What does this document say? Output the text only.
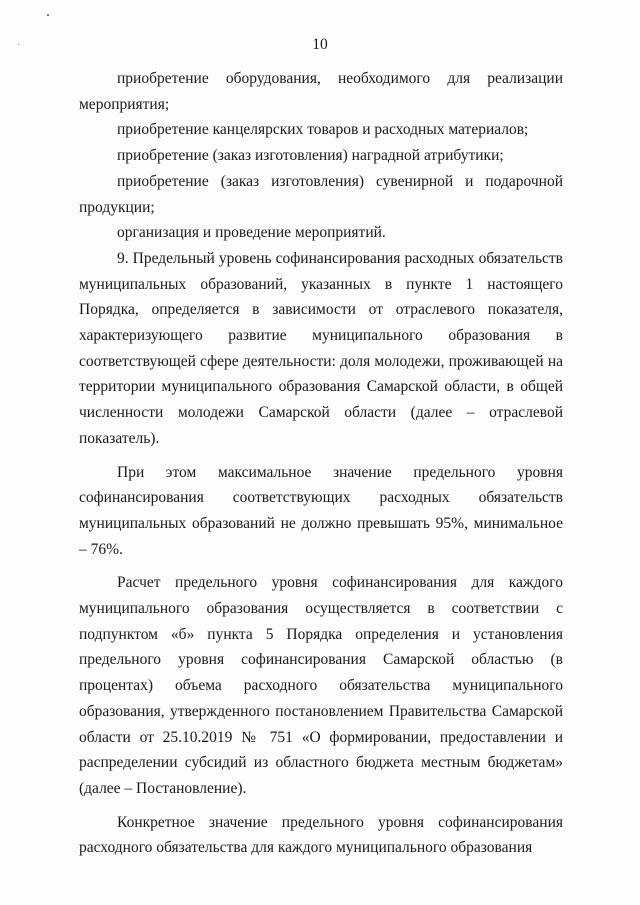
10

приобретение оборудования, необходимого для реализации мероприятия;

приобретение канцелярских товаров и расходных материалов;

приобретение (заказ изготовления) наградной атрибутики;

приобретение (заказ изготовления) сувенирной и подарочной продукции;

организация и проведение мероприятий.

9. Предельный уровень софинансирования расходных обязательств муниципальных образований, указанных в пункте 1 настоящего Порядка, определяется в зависимости от отраслевого показателя, характеризующего развитие муниципального образования в соответствующей сфере деятельности: доля молодежи, проживающей на территории муниципального образования Самарской области, в общей численности молодежи Самарской области (далее – отраслевой показатель).

При этом максимальное значение предельного уровня софинансирования соответствующих расходных обязательств муниципальных образований не должно превышать 95%, минимальное – 76%.

Расчет предельного уровня софинансирования для каждого муниципального образования осуществляется в соответствии с подпунктом «б» пункта 5 Порядка определения и установления предельного уровня софинансирования Самарской областью (в процентах) объема расходного обязательства муниципального образования, утвержденного постановлением Правительства Самарской области от 25.10.2019 № 751 «О формировании, предоставлении и распределении субсидий из областного бюджета местным бюджетам» (далее – Постановление).

Конкретное значение предельного уровня софинансирования расходного обязательства для каждого муниципального образования
